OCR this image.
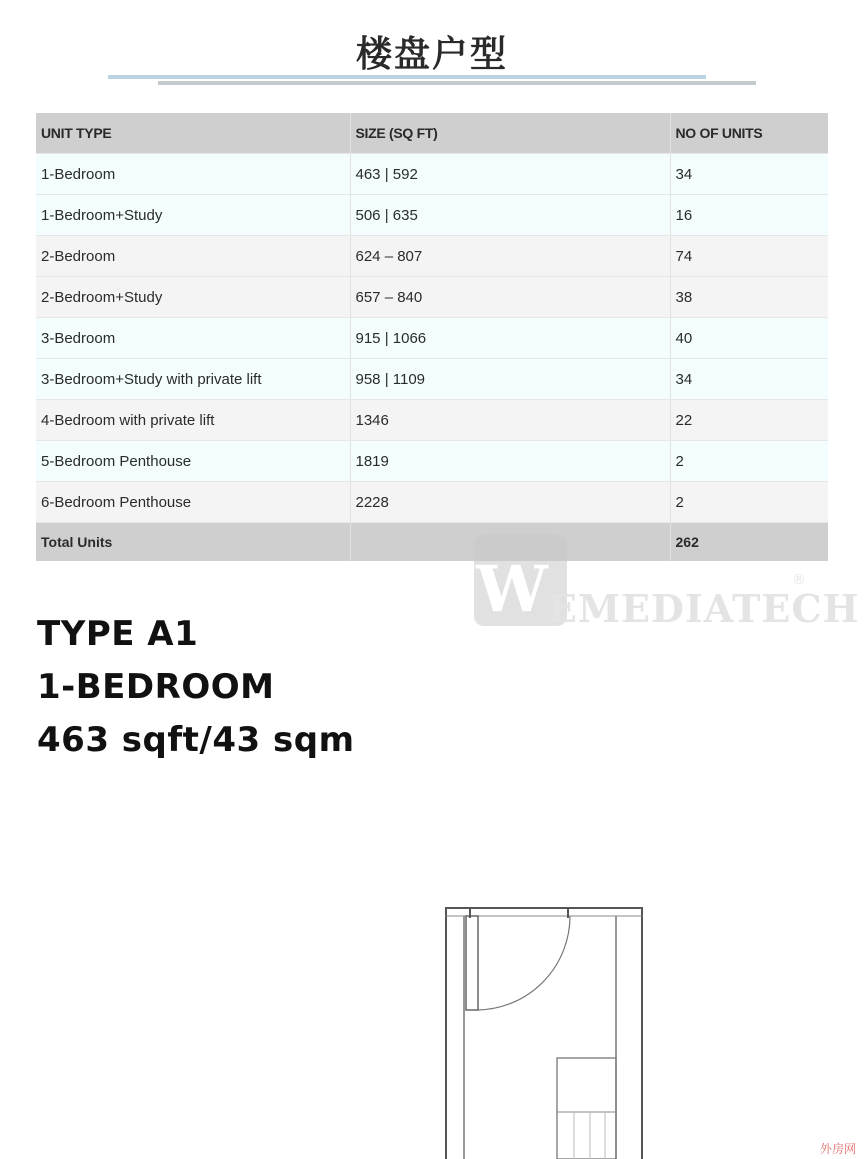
楼盘户型
UNIT TYPE	SIZE (SQ FT)	NO OF UNITS
1-Bedroom	463 | 592	34
1-Bedroom+Study	506 | 635	16
2-Bedroom	624 – 807	74
2-Bedroom+Study	657 – 840	38
3-Bedroom	915 | 1066	40
3-Bedroom+Study with private lift	958 | 1109	34
4-Bedroom with private lift	1346	22
5-Bedroom Penthouse	1819	2
6-Bedroom Penthouse	2228	2
Total Units		262
W EMEDIATECH
®
TYPE A1
1-BEDROOM
463 sqft/43 sqm
外房网
